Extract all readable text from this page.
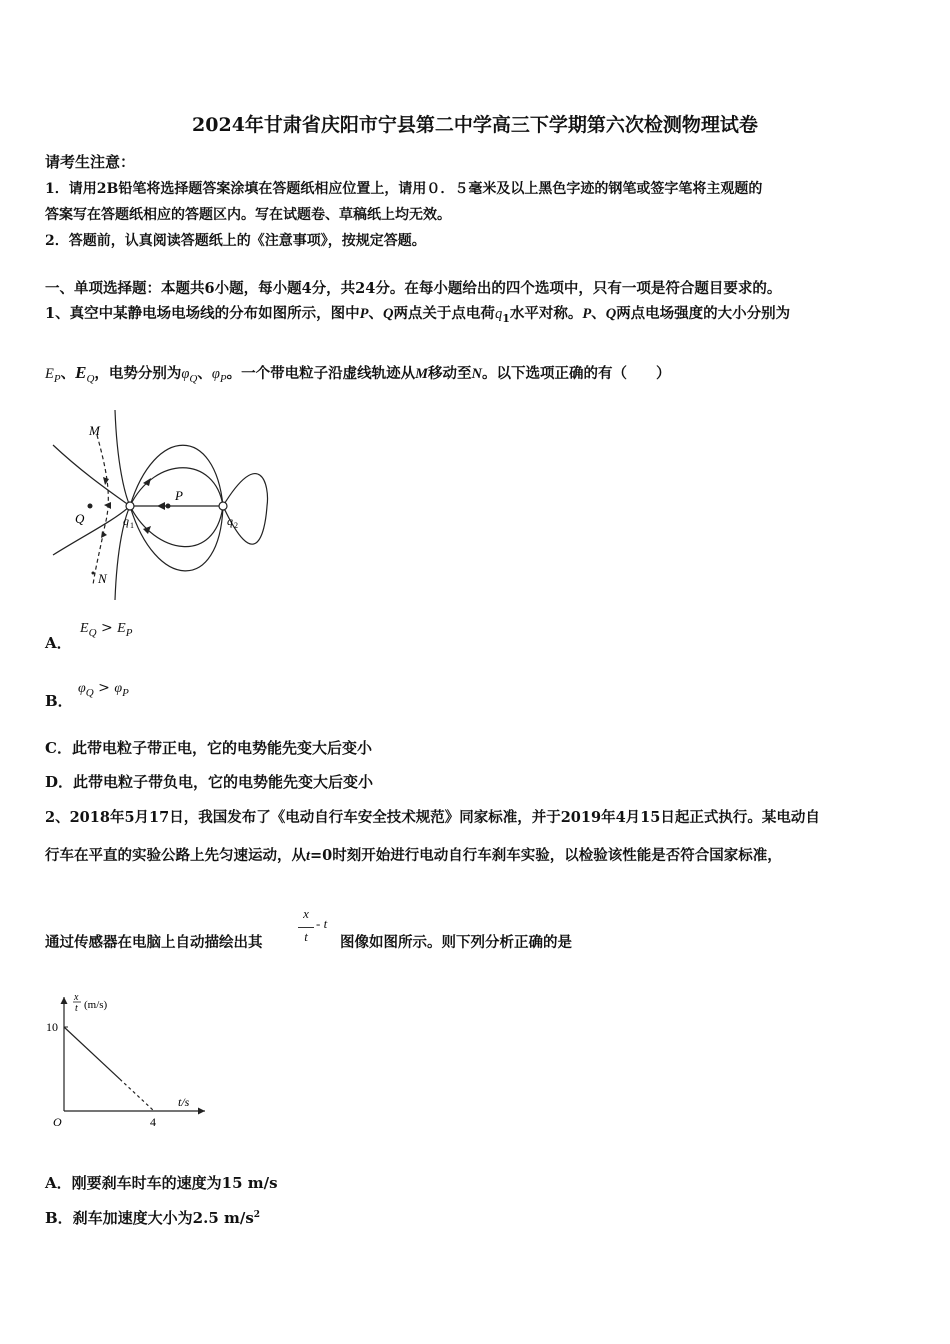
2024年甘肃省庆阳市宁县第二中学高三下学期第六次检测物理试卷
请考生注意：
1．请用2B铅笔将选择题答案涂填在答题纸相应位置上，请用０．５毫米及以上黑色字迹的钢笔或签字笔将主观题的
答案写在答题纸相应的答题区内。写在试题卷、草稿纸上均无效。
2．答题前，认真阅读答题纸上的《注意事项》，按规定答题。
一、单项选择题：本题共6小题，每小题4分，共24分。在每小题给出的四个选项中，只有一项是符合题目要求的。
1、真空中某静电场电场线的分布如图所示，图中P、Q两点关于点电荷$q_1$水平对称。P、Q两点电场强度的大小分别为
$E_P$、$E_Q$，电势分别为$\varphi_Q$、$\varphi_P$。一个带电粒子沿虚线轨迹从M移动至N。以下选项正确的有（　　）
M
N
P
Q	q 1	q 2
A．
$E_Q > E_P$
B．
$\varphi_Q > \varphi_P$
C．此带电粒子带正电，它的电势能先变大后变小
D．此带电粒子带负电，它的电势能先变大后变小
2、2018年5月17日，我国发布了《电动自行车安全技术规范》同家标准，并于2019年4月15日起正式执行。某电动自
行车在平直的实验公路上先匀速运动，从t=0时刻开始进行电动自行车刹车实验，以检验该性能是否符合国家标准，
通过传感器在电脑上自动描绘出其
x
t
- t
图像如图所示。则下列分析正确的是
x
t (m/s)
t/s
O
10
4
A．刚要刹车时车的速度为15 m/s
B．刹车加速度大小为2.5 $m/s^2$
